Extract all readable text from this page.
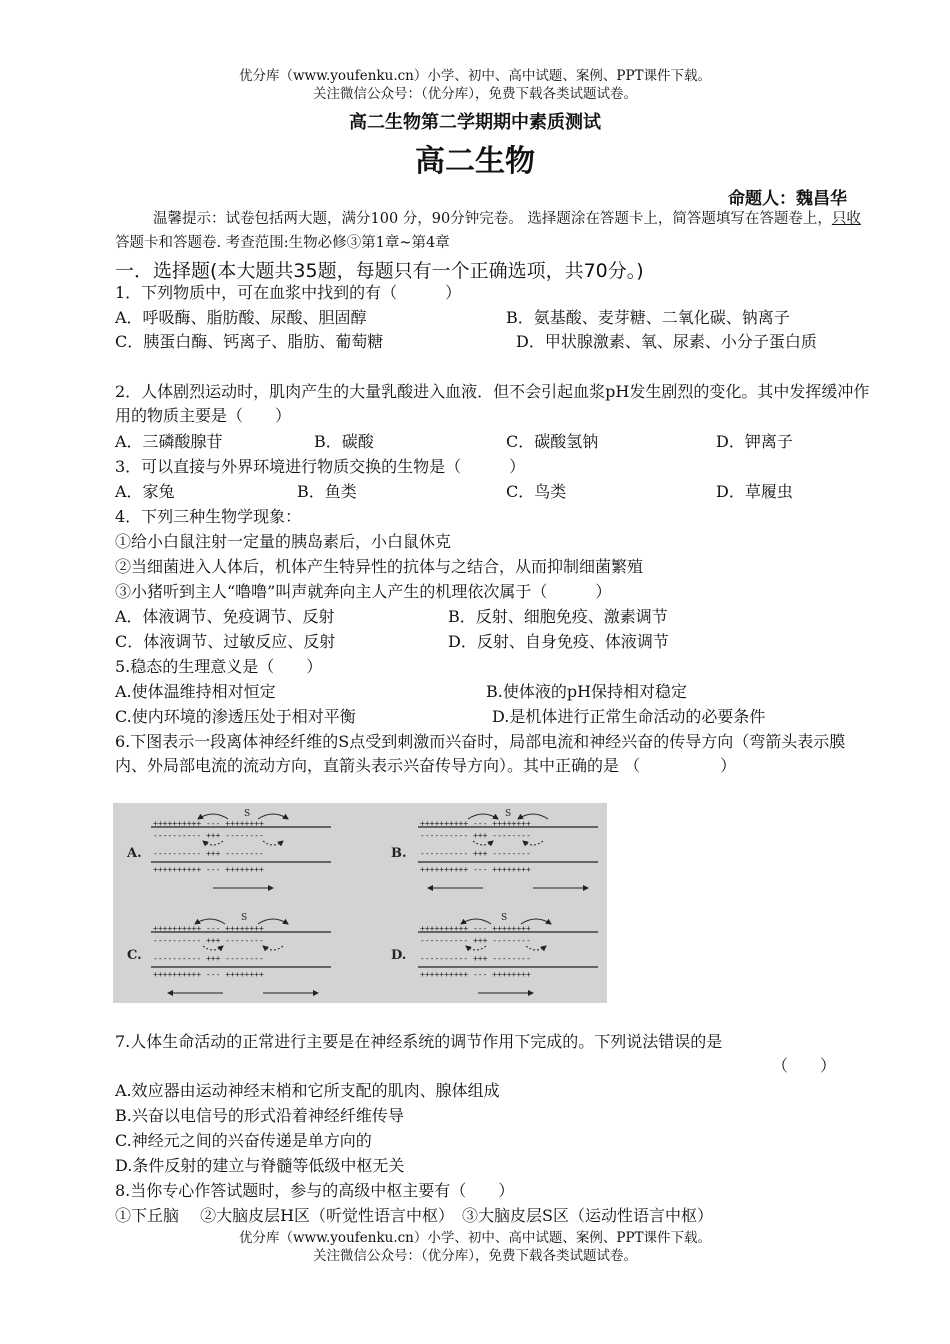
优分库（www.youfenku.cn）小学、初中、高中试题、案例、PPT课件下载。
关注微信公众号：（优分库），免费下载各类试题试卷。
高二生物第二学期期中素质测试
高二生物
命题人：魏昌华
温馨提示：试卷包括两大题，满分100 分，90分钟完卷。 选择题涂在答题卡上，简答题填写在答题卷上，只收答题卡和答题卷. 考查范围:生物必修③第1章~第4章
一．选择题(本大题共35题，每题只有一个正确选项，共70分。)
1．下列物质中，可在血浆中找到的有（　　　）
A．呼吸酶、脂肪酸、尿酸、胆固醇	B．氨基酸、麦芽糖、二氧化碳、钠离子
C．胰蛋白酶、钙离子、脂肪、葡萄糖	D．甲状腺激素、氧、尿素、小分子蛋白质
2．人体剧烈运动时，肌肉产生的大量乳酸进入血液．但不会引起血浆pH发生剧烈的变化。其中发挥缓冲作用的物质主要是（　　）
A．三磷酸腺苷	B．碳酸	C．碳酸氢钠	D．钾离子
3．可以直接与外界环境进行物质交换的生物是（　　　）
A．家兔	B．鱼类	C．鸟类	D．草履虫
4．下列三种生物学现象：
①给小白鼠注射一定量的胰岛素后，小白鼠休克
②当细菌进入人体后，机体产生特异性的抗体与之结合，从而抑制细菌繁殖
③小猪听到主人“噜噜”叫声就奔向主人产生的机理依次属于（　　　）
A．体液调节、免疫调节、反射	B．反射、细胞免疫、激素调节
C．体液调节、过敏反应、反射	D．反射、自身免疫、体液调节
5.稳态的生理意义是（　　）
A.使体温维持相对恒定	B.使体液的pH保持相对稳定
C.使内环境的渗透压处于相对平衡	D.是机体进行正常生命活动的必要条件
6.下图表示一段离体神经纤维的S点受到刺激而兴奋时，局部电流和神经兴奋的传导方向（弯箭头表示膜内、外局部电流的流动方向，直箭头表示兴奋传导方向）。其中正确的是 （　　　　　）
A.
S
++++++++++ --- ++++++++
---------- +++ --------
---------- +++ --------
++++++++++ --- ++++++++
B.
S
++++++++++ --- ++++++++
---------- +++ --------
---------- +++ --------
++++++++++ --- ++++++++
C.
S
++++++++++ --- ++++++++
---------- +++ --------
---------- +++ --------
++++++++++ --- ++++++++
D.
S
++++++++++ --- ++++++++
---------- +++ --------
---------- +++ --------
++++++++++ --- ++++++++
7.人体生命活动的正常进行主要是在神经系统的调节作用下完成的。下列说法错误的是
（　　）
A.效应器由运动神经末梢和它所支配的肌肉、腺体组成
B.兴奋以电信号的形式沿着神经纤维传导
C.神经元之间的兴奋传递是单方向的
D.条件反射的建立与脊髓等低级中枢无关
8.当你专心作答试题时，参与的高级中枢主要有（　　）
①下丘脑　 ②大脑皮层H区（听觉性语言中枢）　③大脑皮层S区（运动性语言中枢）
优分库（www.youfenku.cn）小学、初中、高中试题、案例、PPT课件下载。
关注微信公众号：（优分库），免费下载各类试题试卷。
